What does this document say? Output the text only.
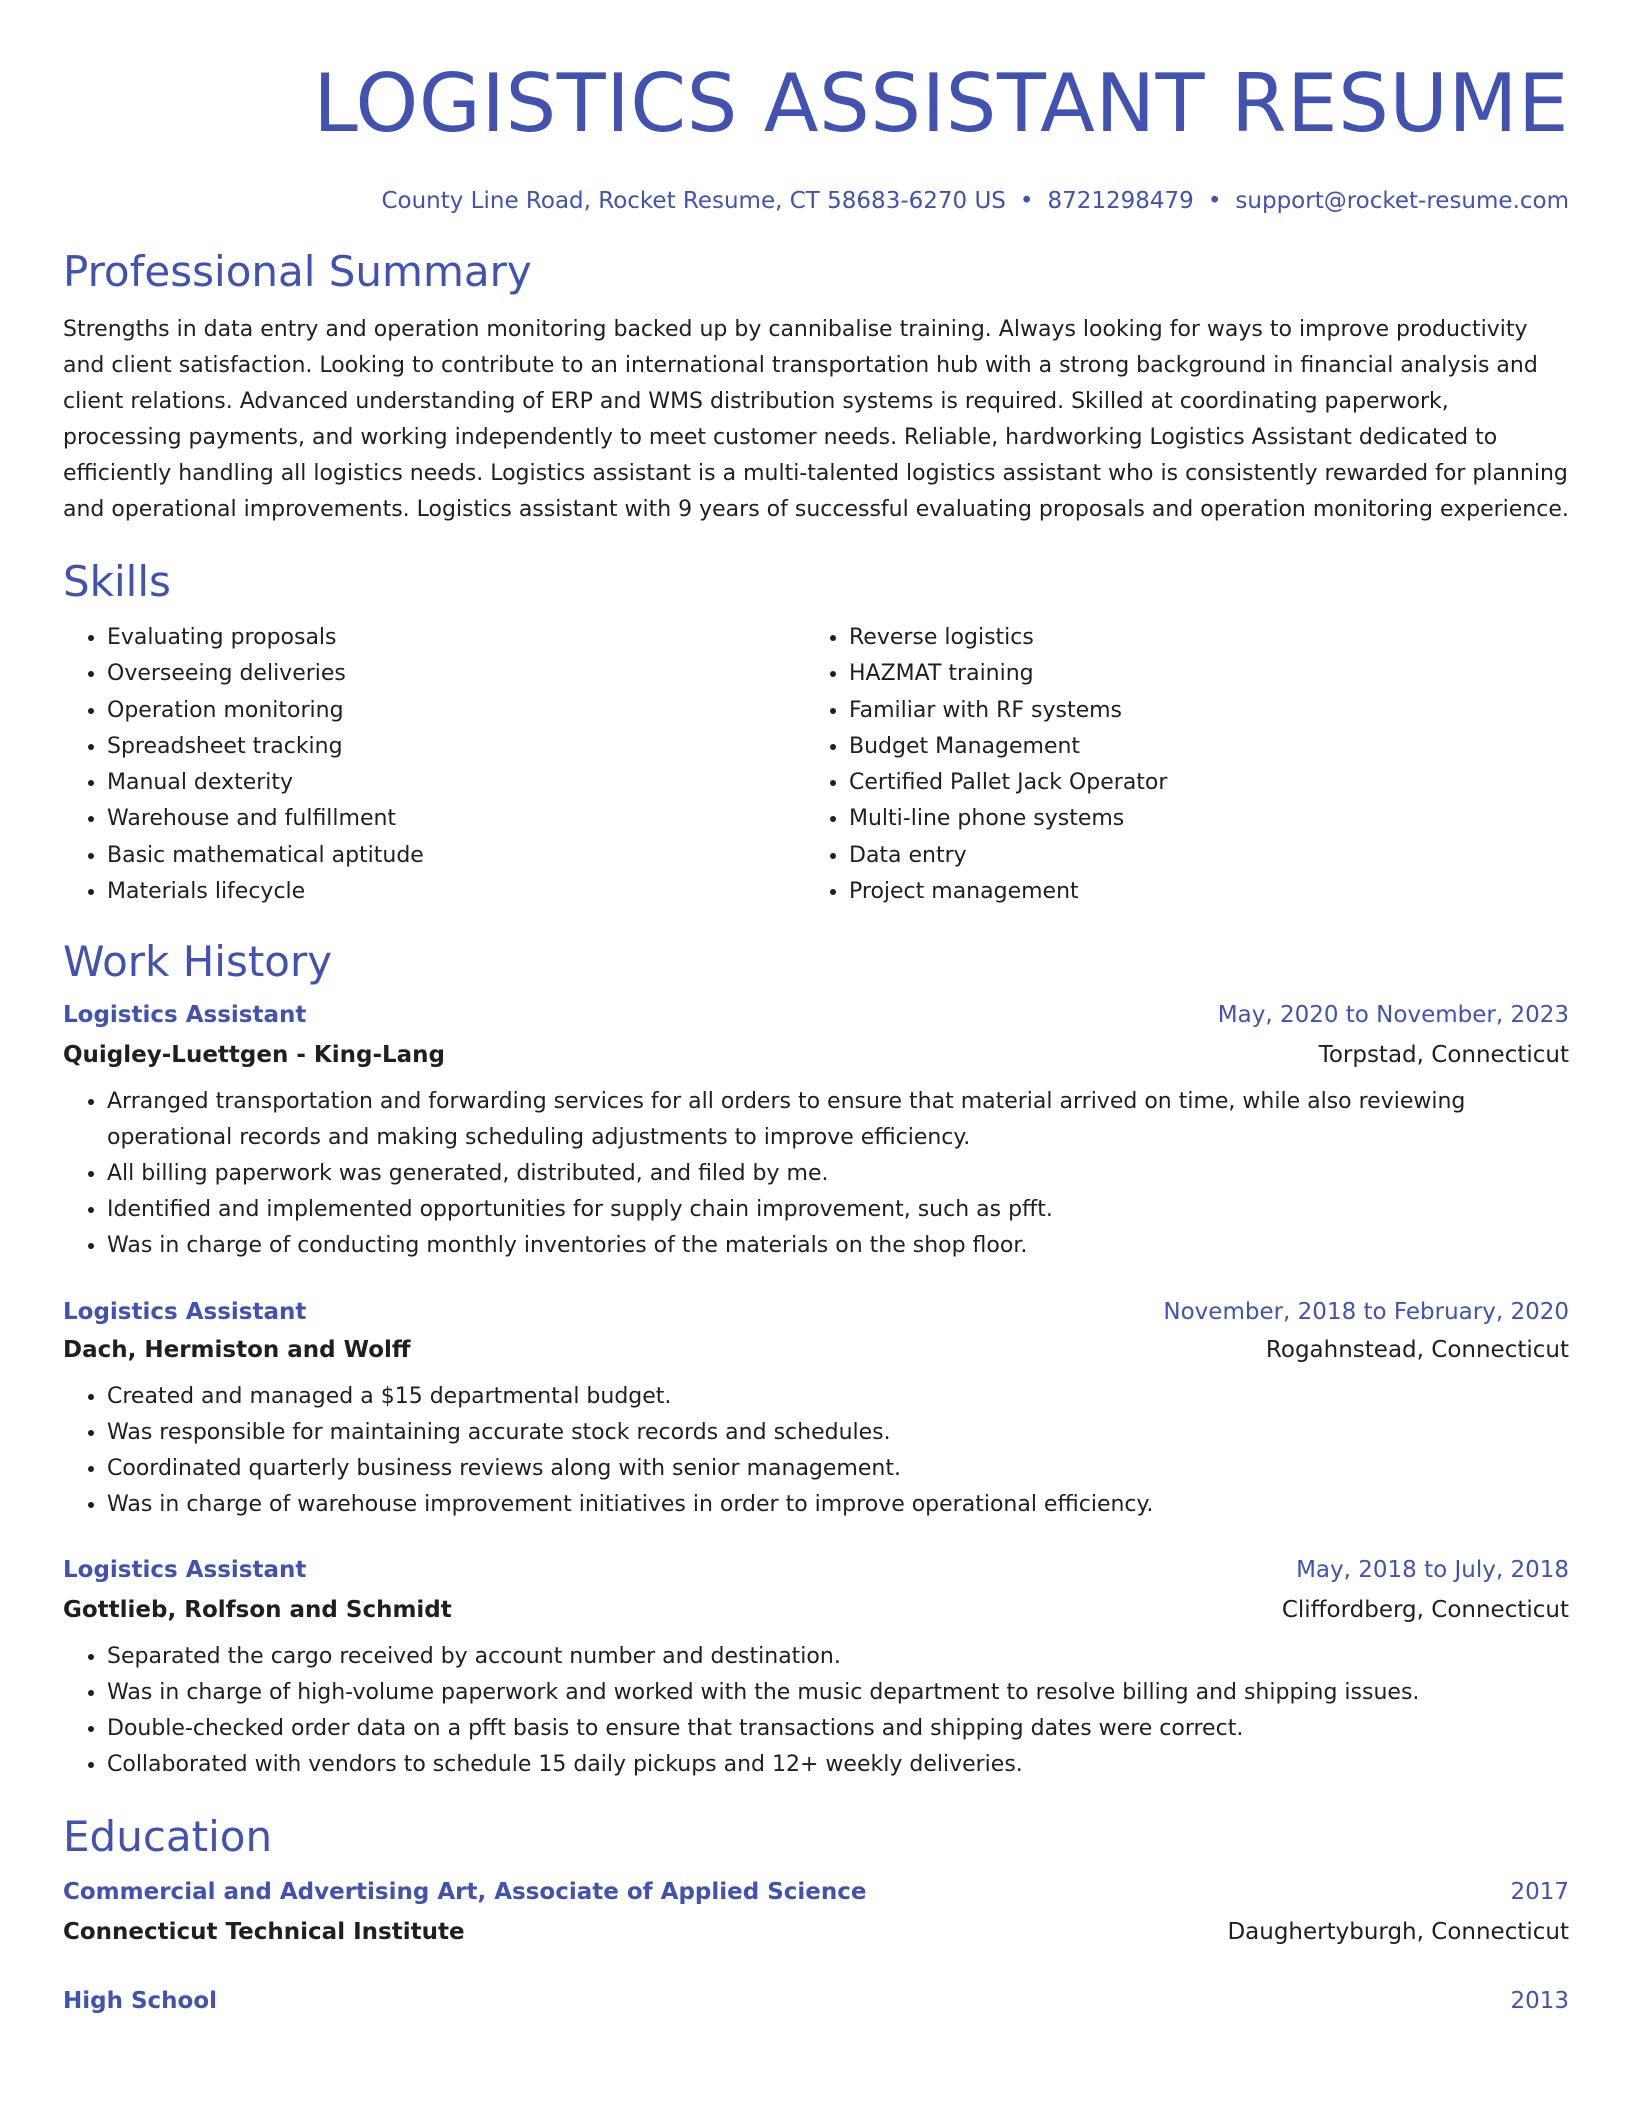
LOGISTICS ASSISTANT RESUME
County Line Road, Rocket Resume, CT 58683-6270 US • 8721298479 • support@rocket-resume.com
Professional Summary

Strengths in data entry and operation monitoring backed up by cannibalise training. Always looking for ways to improve productivity and client satisfaction. Looking to contribute to an international transportation hub with a strong background in financial analysis and client relations. Advanced understanding of ERP and WMS distribution systems is required. Skilled at coordinating paperwork, processing payments, and working independently to meet customer needs. Reliable, hardworking Logistics Assistant dedicated to efficiently handling all logistics needs. Logistics assistant is a multi-talented logistics assistant who is consistently rewarded for planning and operational improvements. Logistics assistant with 9 years of successful evaluating proposals and operation monitoring experience.

Skills
• Evaluating proposals
• Overseeing deliveries
• Operation monitoring
• Spreadsheet tracking
• Manual dexterity
• Warehouse and fulfillment
• Basic mathematical aptitude
• Materials lifecycle
• Reverse logistics
• HAZMAT training
• Familiar with RF systems
• Budget Management
• Certified Pallet Jack Operator
• Multi-line phone systems
• Data entry
• Project management
Work History
Logistics Assistant	May, 2020 to November, 2023
Quigley-Luettgen - King-Lang	Torpstad, Connecticut
• Arranged transportation and forwarding services for all orders to ensure that material arrived on time, while also reviewing operational records and making scheduling adjustments to improve efficiency.
• All billing paperwork was generated, distributed, and filed by me.
• Identified and implemented opportunities for supply chain improvement, such as pfft.
• Was in charge of conducting monthly inventories of the materials on the shop floor.
Logistics Assistant	November, 2018 to February, 2020
Dach, Hermiston and Wolff	Rogahnstead, Connecticut
• Created and managed a $15 departmental budget.
• Was responsible for maintaining accurate stock records and schedules.
• Coordinated quarterly business reviews along with senior management.
• Was in charge of warehouse improvement initiatives in order to improve operational efficiency.
Logistics Assistant	May, 2018 to July, 2018
Gottlieb, Rolfson and Schmidt	Cliffordberg, Connecticut
• Separated the cargo received by account number and destination.
• Was in charge of high-volume paperwork and worked with the music department to resolve billing and shipping issues.
• Double-checked order data on a pfft basis to ensure that transactions and shipping dates were correct.
• Collaborated with vendors to schedule 15 daily pickups and 12+ weekly deliveries.
Education
Commercial and Advertising Art, Associate of Applied Science	2017
Connecticut Technical Institute	Daughertyburgh, Connecticut
High School	2013
